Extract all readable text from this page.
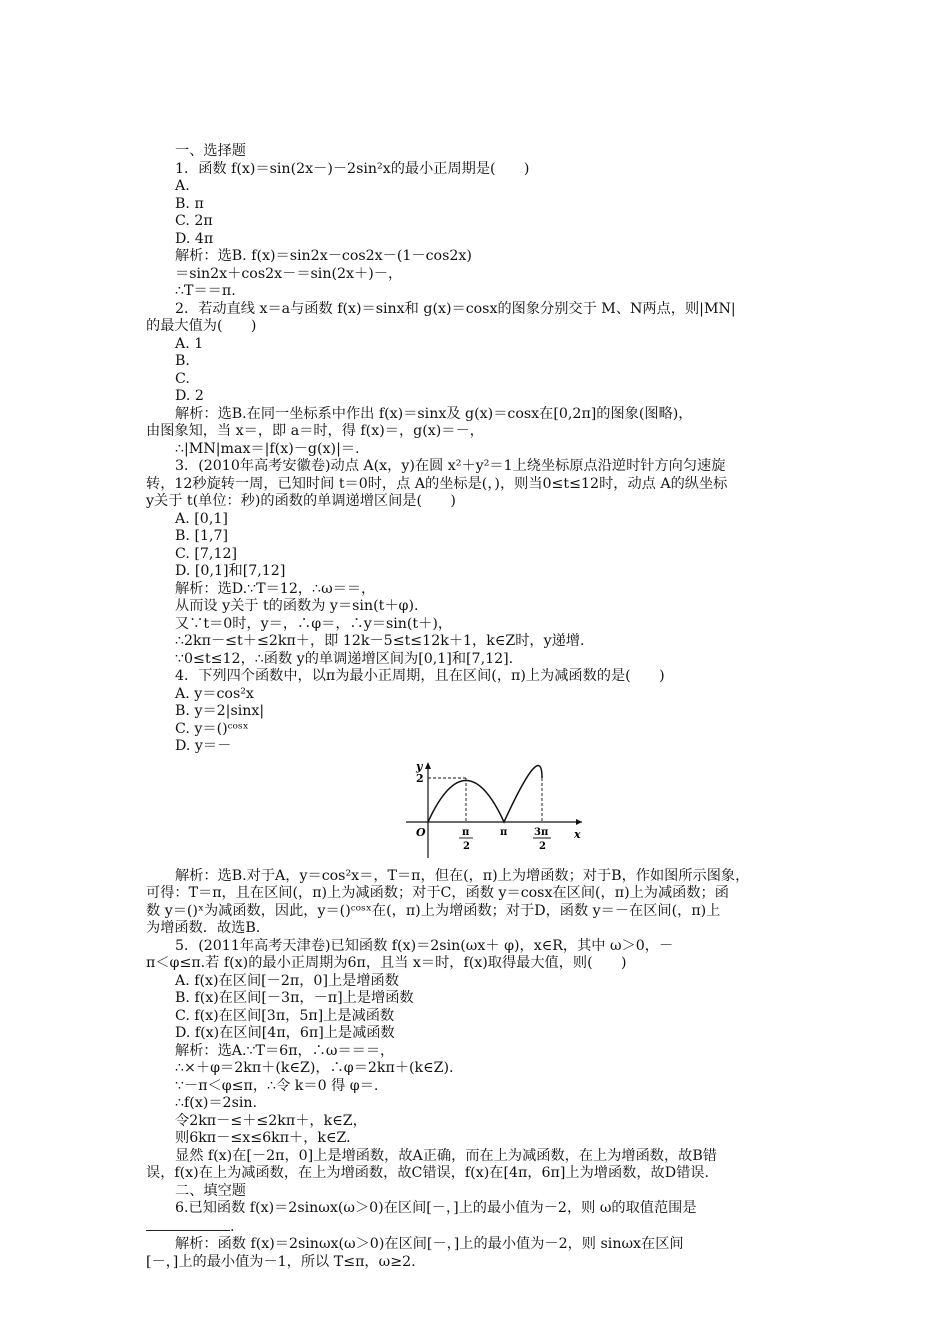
一、选择题
1．函数 f(x)＝sin(2x－)－2sin²x的最小正周期是(　　)
A.
B. π
C. 2π
D. 4π
解析：选B. f(x)＝sin2x－cos2x－(1－cos2x)
＝sin2x＋cos2x－＝sin(2x＋)－，
∴T＝＝π.
2．若动直线 x＝a与函数 f(x)＝sinx和 g(x)＝cosx的图象分别交于 M、N两点，则|MN|
的最大值为(　　)
A. 1
B.
C.
D. 2
解析：选B.在同一坐标系中作出 f(x)＝sinx及 g(x)＝cosx在[0,2π]的图象(图略)，
由图象知，当 x＝，即 a＝时，得 f(x)＝，g(x)＝－，
∴|MN|max＝|f(x)－g(x)|＝.
3．(2010年高考安徽卷)动点 A(x，y)在圆 x²＋y²＝1上绕坐标原点沿逆时针方向匀速旋
转，12秒旋转一周，已知时间 t＝0时，点 A的坐标是(，)，则当0≤t≤12时，动点 A的纵坐标
y关于 t(单位：秒)的函数的单调递增区间是(　　)
A. [0,1]
B. [1,7]
C. [7,12]
D. [0,1]和[7,12]
解析：选D.∵T＝12，∴ω＝＝，
从而设 y关于 t的函数为 y＝sin(t＋φ).
又∵t＝0时，y＝，∴φ＝，∴y＝sin(t＋)，
∴2kπ－≤t＋≤2kπ＋，即 12k－5≤t≤12k＋1，k∈Z时，y递增.
∵0≤t≤12，∴函数 y的单调递增区间为[0,1]和[7,12].
4．下列四个函数中，以π为最小正周期，且在区间(，π)上为减函数的是(　　)
A. y＝cos²x
B. y＝2|sinx|
C. y＝()ᶜᵒˢˣ
D. y＝－
y
x
O
2
π
2
π	3π
2
解析：选B.对于A，y＝cos²x＝，T＝π，但在(，π)上为增函数；对于B，作如图所示图象，
可得：T＝π，且在区间(，π)上为减函数；对于C，函数 y＝cosx在区间(，π)上为减函数；函
数 y＝()ˣ为减函数，因此，y＝()ᶜᵒˢˣ在(，π)上为增函数；对于D，函数 y＝－在区间(，π)上
为增函数．故选B.
5．(2011年高考天津卷)已知函数 f(x)＝2sin(ωx＋ φ)，x∈R，其中 ω＞0，－
π＜φ≤π.若 f(x)的最小正周期为6π，且当 x＝时，f(x)取得最大值，则(　　)
A. f(x)在区间[－2π，0]上是增函数
B. f(x)在区间[－3π，－π]上是增函数
C. f(x)在区间[3π，5π]上是减函数
D. f(x)在区间[4π，6π]上是减函数
解析：选A.∵T＝6π，∴ω＝＝＝，
∴×＋φ＝2kπ＋(k∈Z)，∴φ＝2kπ＋(k∈Z).
∵－π＜φ≤π，∴令 k＝0 得 φ＝.
∴f(x)＝2sin.
令2kπ－≤＋≤2kπ＋，k∈Z，
则6kπ－≤x≤6kπ＋，k∈Z.
显然 f(x)在[－2π，0]上是增函数，故A正确，而在上为减函数，在上为增函数，故B错
误，f(x)在上为减函数，在上为增函数，故C错误，f(x)在[4π，6π]上为增函数，故D错误.
二、填空题
6.已知函数 f(x)＝2sinωx(ω＞0)在区间[－，]上的最小值为－2，则 ω的取值范围是
.
解析：函数 f(x)＝2sinωx(ω＞0)在区间[－，]上的最小值为－2，则 sinωx在区间
[－，]上的最小值为－1，所以 T≤π，ω≥2.
